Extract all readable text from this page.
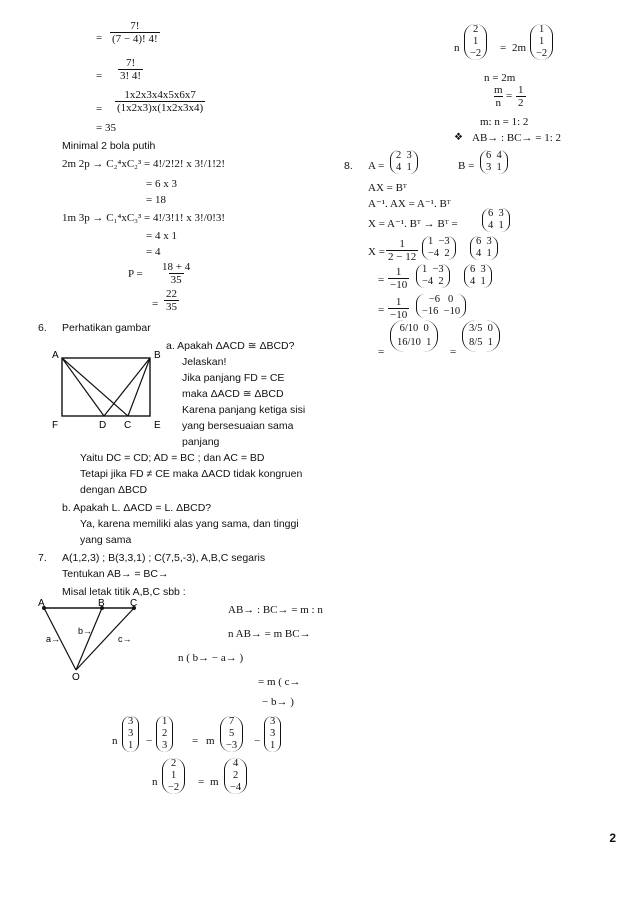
= $\frac{7!}{(7 - 4)! 4!}$
= $\frac{7!}{3! 4!}$
= $\frac{1x2x3x4x5x6x7}{(1x2x3)x(1x2x3x4)}$
= 35
Minimal 2 bola putih
2m 2p → C₂⁴xC₂³ = 4!/2!2! x 3!/1!2!
= 6 x 3
= 18
1m 3p → C₁⁴xC₃³ = 4!/3!1! x 3!/0!3!
= 4 x 1
= 4
$P = \frac{18 + 4}{35}$
= $\frac{22}{35}$
6. Perhatikan gambar
A	B
F	D C E
a. Apakah ΔACD ≅ ΔBCD?
Jelaskan!
Jika panjang FD = CE
maka ΔACD ≅ ΔBCD
Karena panjang ketiga sisi
yang bersesuaian sama
panjang
Yaitu DC = CD; AD = BC ; dan AC = BD
Tetapi jika FD ≠ CE maka ΔACD tidak kongruen
dengan ΔBCD
b. Apakah L. ΔACD = L. ΔBCD?
Ya, karena memiliki alas yang sama, dan tinggi
yang sama
7. A(1,2,3) ; B(3,3,1) ; C(7,5,-3), A,B,C segaris
Tentukan AB→ = BC→
Misal letak titik A,B,C sbb :
A	B	C
O
a→
b→
c→
AB→ : BC→ = m : n
n AB→ = m BC→
n ( b→ − a→ )
= m ( c→
− b→ )
n
3
3
1	−
1
2
3	= m
7
5
−3	−
3
3
1
n
2
1
−2	= m
4
2
−4
n
2
1
−2	= 2m
1
1
−2
n = 2m
$\frac{m}{n} = \frac{1}{2}$
m: n = 1: 2
❖ AB→ : BC→ = 1: 2
8. A =
2 3
4 1	B =
6 4
3 1
AX = Bᵀ
A⁻¹. AX = A⁻¹. Bᵀ
X = A⁻¹. Bᵀ → Bᵀ =
6 3
4 1
$X = \frac{1}{2 - 12} 1 -3$
−4 2
6 3
4 1
= $\frac{1}{-10}$	1 −3
−4 2
6 3
4 1
= $\frac{1}{-10}$	−6 0
−16 −10
=
6/10 0
16/10 1
=
3/5 0
8/5 1
2
